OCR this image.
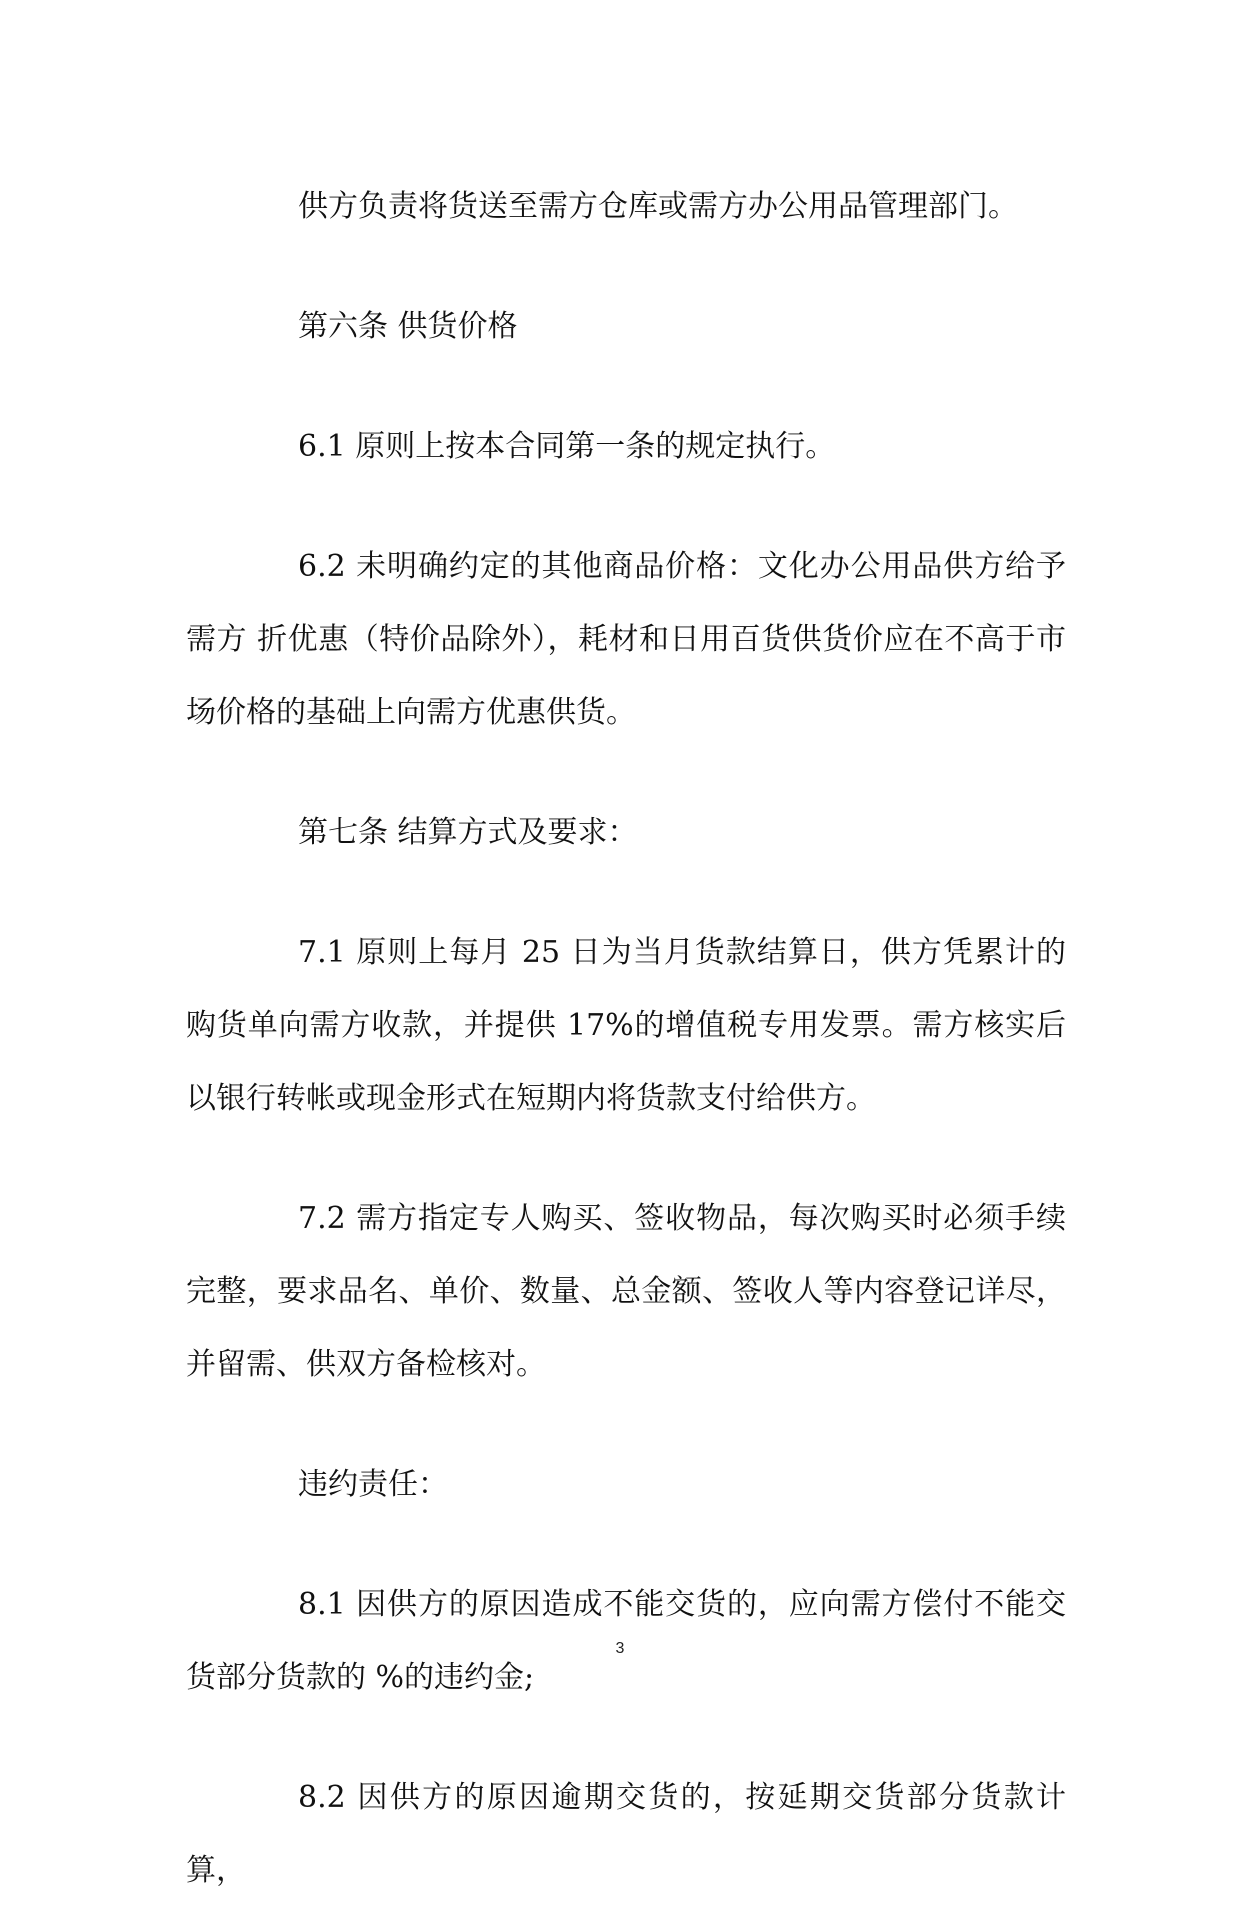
供方负责将货送至需方仓库或需方办公用品管理部门。

第六条 供货价格

6.1 原则上按本合同第一条的规定执行。

6.2 未明确约定的其他商品价格：文化办公用品供方给予需方 折优惠（特价品除外），耗材和日用百货供货价应在不高于市场价格的基础上向需方优惠供货。

第七条 结算方式及要求：

7.1 原则上每月 25 日为当月货款结算日，供方凭累计的购货单向需方收款，并提供 17%的增值税专用发票。需方核实后以银行转帐或现金形式在短期内将货款支付给供方。

7.2 需方指定专人购买、签收物品，每次购买时必须手续完整，要求品名、单价、数量、总金额、签收人等内容登记详尽，并留需、供双方备检核对。

违约责任：

8.1 因供方的原因造成不能交货的，应向需方偿付不能交货部分货款的 %的违约金;

8.2 因供方的原因逾期交货的，按延期交货部分货款计算，

3
